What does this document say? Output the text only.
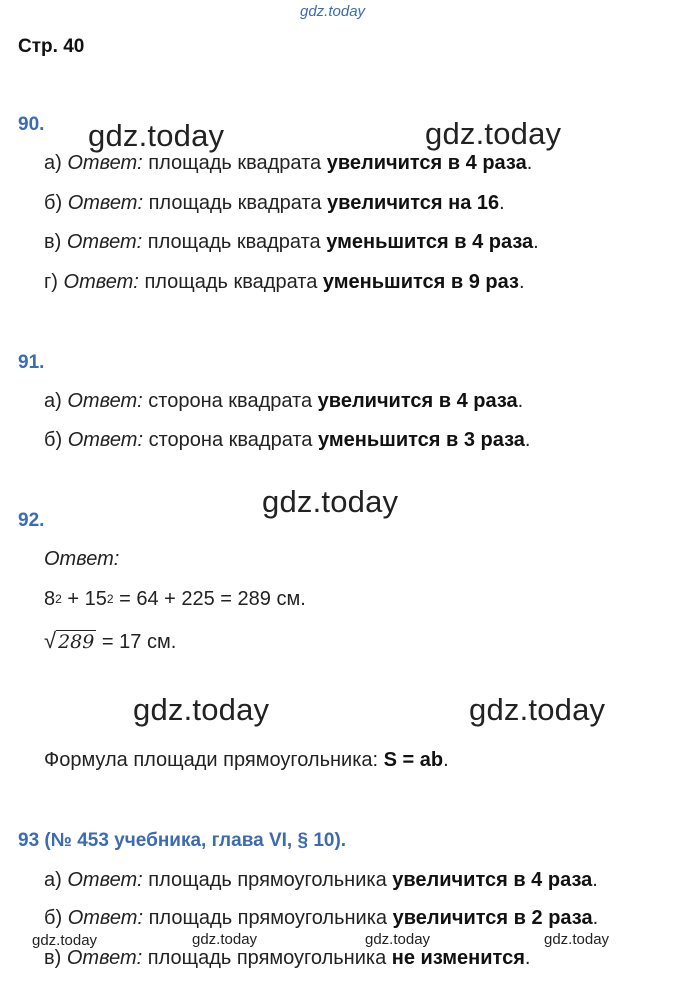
gdz.today
Стр. 40
90. gdz.today	gdz.today
а) Ответ: площадь квадрата увеличится в 4 раза.
б) Ответ: площадь квадрата увеличится на 16.
в) Ответ: площадь квадрата уменьшится в 4 раза.
г) Ответ: площадь квадрата уменьшится в 9 раз.
91.
а) Ответ: сторона квадрата увеличится в 4 раза.
б) Ответ: сторона квадрата уменьшится в 3 раза.
gdz.today
92.
Ответ:
$8^2 + 15^2 = 64 + 225 = 289$ см.
√ 289 = 17 см.
gdz.today	gdz.today
Формула площади прямоугольника: S = ab.
93 (№ 453 учебника, глава VI, § 10).
а) Ответ: площадь прямоугольника увеличится в 4 раза.
б) Ответ: площадь прямоугольника увеличится в 2 раза.
gdz.today	gdz.today	gdz.today	gdz.today
в) Ответ: площадь прямоугольника не изменится.
